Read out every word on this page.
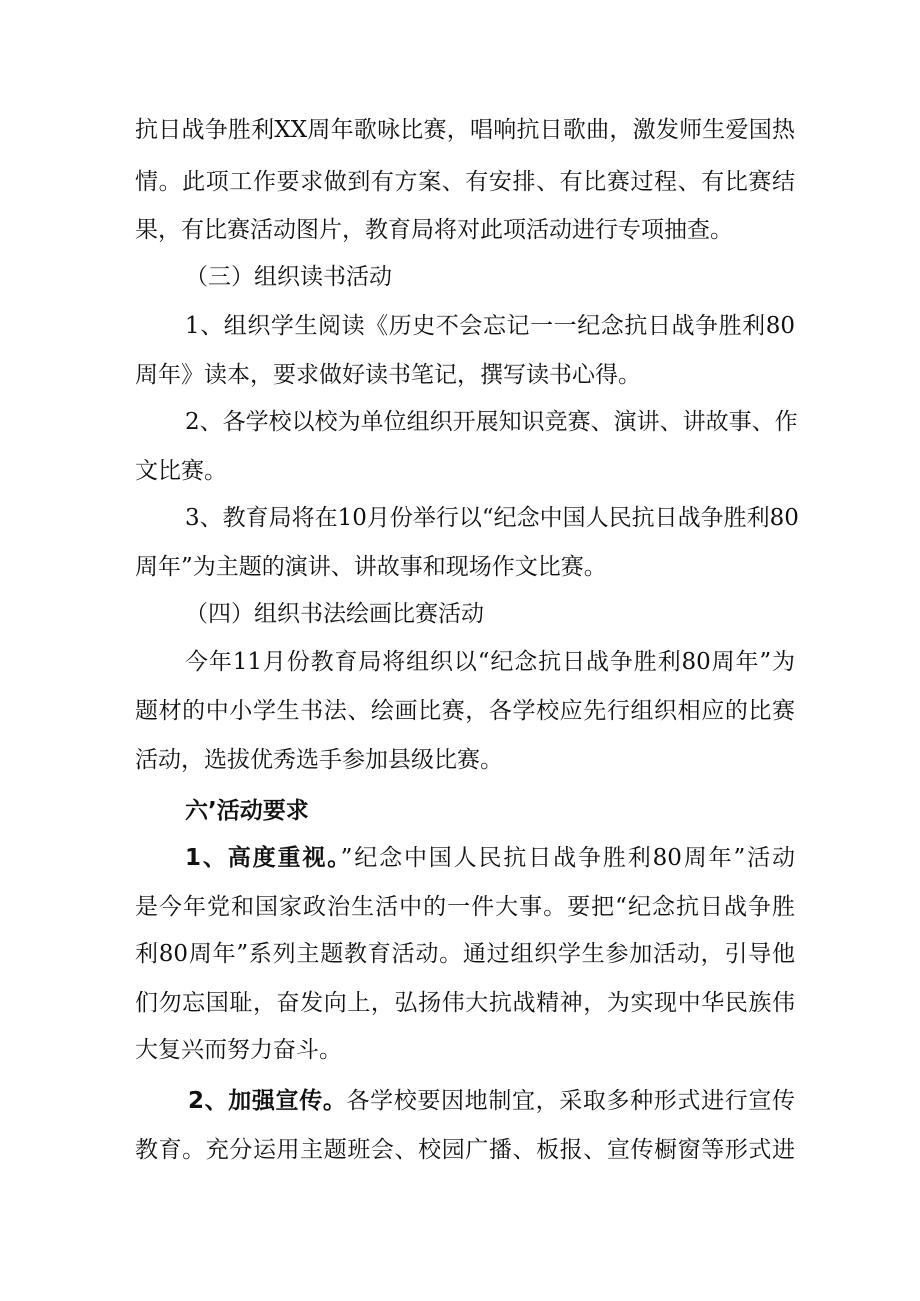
抗日战争胜利XX周年歌咏比赛，唱响抗日歌曲，激发师生爱国热
情。此项工作要求做到有方案、有安排、有比赛过程、有比赛结
果，有比赛活动图片，教育局将对此项活动进行专项抽查。
（三）组织读书活动
1、组织学生阅读《历史不会忘记一一纪念抗日战争胜利80
周年》读本，要求做好读书笔记，撰写读书心得。
2、各学校以校为单位组织开展知识竞赛、演讲、讲故事、作
文比赛。
3、教育局将在10月份举行以“纪念中国人民抗日战争胜利80
周年”为主题的演讲、讲故事和现场作文比赛。
（四）组织书法绘画比赛活动
今年11月份教育局将组织以“纪念抗日战争胜利80周年”为
题材的中小学生书法、绘画比赛，各学校应先行组织相应的比赛
活动，选拔优秀选手参加县级比赛。
六’活动要求
1、高度重视。”纪念中国人民抗日战争胜利80周年”活动
是今年党和国家政治生活中的一件大事。要把“纪念抗日战争胜
利80周年”系列主题教育活动。通过组织学生参加活动，引导他
们勿忘国耻，奋发向上，弘扬伟大抗战精神，为实现中华民族伟
大复兴而努力奋斗。
2、加强宣传。各学校要因地制宜，采取多种形式进行宣传
教育。充分运用主题班会、校园广播、板报、宣传橱窗等形式进
